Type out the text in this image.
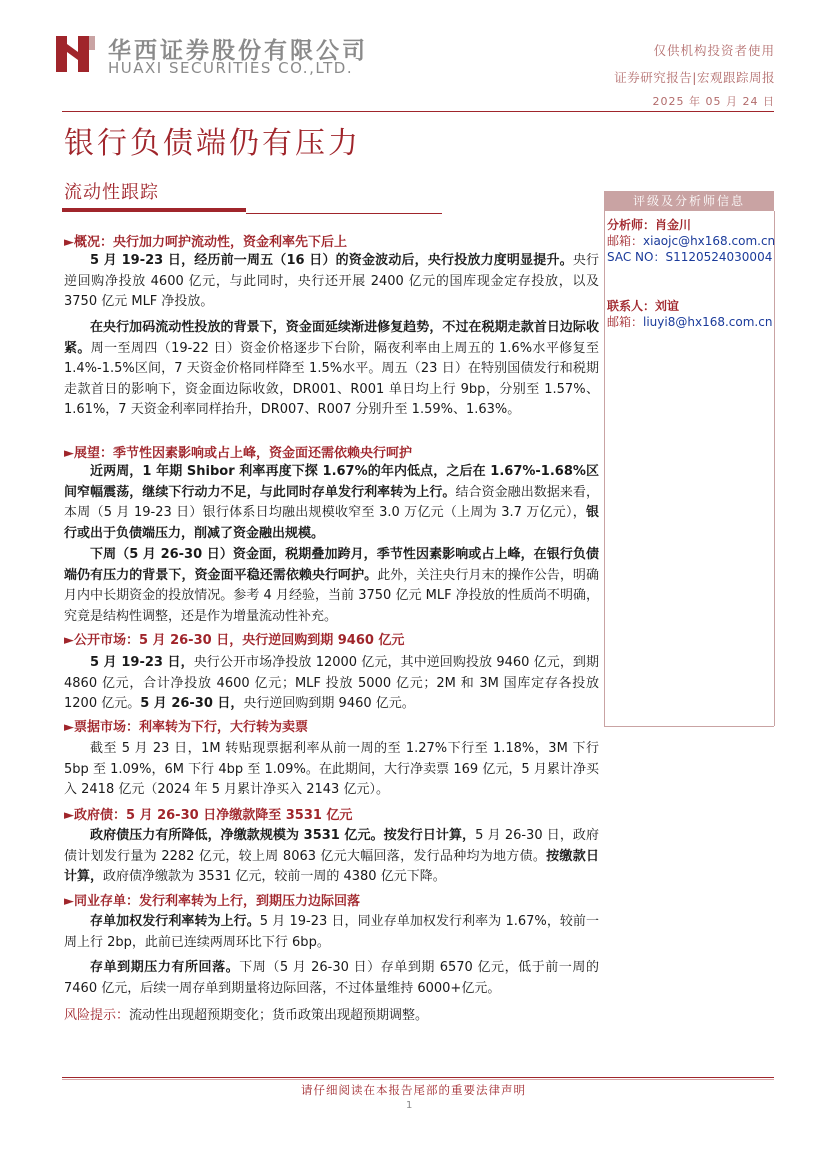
华西证券股份有限公司
HUAXI SECURITIES CO.,LTD.
仅供机构投资者使用
证券研究报告|宏观跟踪周报
2025 年 05 月 24 日
银行负债端仍有压力
流动性跟踪	评级及分析师信息
分析师：肖金川
邮箱：xiaojc@hx168.com.cn
SAC NO：S1120524030004
联系人：刘谊
邮箱：liuyi8@hx168.com.cn
►概况：央行加力呵护流动性，资金利率先下后上
5 月 19-23 日，经历前一周五（16 日）的资金波动后，央行投放力度明显提升。央行逆回购净投放 4600 亿元，与此同时，央行还开展 2400 亿元的国库现金定存投放，以及 3750 亿元 MLF 净投放。
在央行加码流动性投放的背景下，资金面延续渐进修复趋势，不过在税期走款首日边际收紧。周一至周四（19-22 日）资金价格逐步下台阶，隔夜利率由上周五的 1.6%水平修复至 1.4%-1.5%区间，7 天资金价格同样降至 1.5%水平。周五（23 日）在特别国债发行和税期走款首日的影响下，资金面边际收敛，DR001、R001 单日均上行 9bp，分别至 1.57%、1.61%，7 天资金利率同样抬升，DR007、R007 分别升至 1.59%、1.63%。
►展望：季节性因素影响或占上峰，资金面还需依赖央行呵护
近两周，1 年期 Shibor 利率再度下探 1.67%的年内低点，之后在 1.67%-1.68%区间窄幅震荡，继续下行动力不足，与此同时存单发行利率转为上行。结合资金融出数据来看，本周（5 月 19-23 日）银行体系日均融出规模收窄至 3.0 万亿元（上周为 3.7 万亿元），银行或出于负债端压力，削减了资金融出规模。
下周（5 月 26-30 日）资金面，税期叠加跨月，季节性因素影响或占上峰，在银行负债端仍有压力的背景下，资金面平稳还需依赖央行呵护。此外，关注央行月末的操作公告，明确月内中长期资金的投放情况。参考 4 月经验，当前 3750 亿元 MLF 净投放的性质尚不明确，究竟是结构性调整，还是作为增量流动性补充。
►公开市场：5 月 26-30 日，央行逆回购到期 9460 亿元
5 月 19-23 日，央行公开市场净投放 12000 亿元，其中逆回购投放 9460 亿元，到期 4860 亿元，合计净投放 4600 亿元；MLF 投放 5000 亿元；2M 和 3M 国库定存各投放 1200 亿元。5 月 26-30 日，央行逆回购到期 9460 亿元。
►票据市场：利率转为下行，大行转为卖票
截至 5 月 23 日，1M 转贴现票据利率从前一周的至 1.27%下行至 1.18%，3M 下行 5bp 至 1.09%，6M 下行 4bp 至 1.09%。在此期间，大行净卖票 169 亿元，5 月累计净买入 2418 亿元（2024 年 5 月累计净买入 2143 亿元）。
►政府债：5 月 26-30 日净缴款降至 3531 亿元
政府债压力有所降低，净缴款规模为 3531 亿元。按发行日计算，5 月 26-30 日，政府债计划发行量为 2282 亿元，较上周 8063 亿元大幅回落，发行品种均为地方债。按缴款日计算，政府债净缴款为 3531 亿元，较前一周的 4380 亿元下降。
►同业存单：发行利率转为上行，到期压力边际回落
存单加权发行利率转为上行。5 月 19-23 日，同业存单加权发行利率为 1.67%，较前一周上行 2bp，此前已连续两周环比下行 6bp。
存单到期压力有所回落。下周（5 月 26-30 日）存单到期 6570 亿元，低于前一周的 7460 亿元，后续一周存单到期量将边际回落，不过体量维持 6000+亿元。
风险提示：流动性出现超预期变化；货币政策出现超预期调整。
请仔细阅读在本报告尾部的重要法律声明
1
